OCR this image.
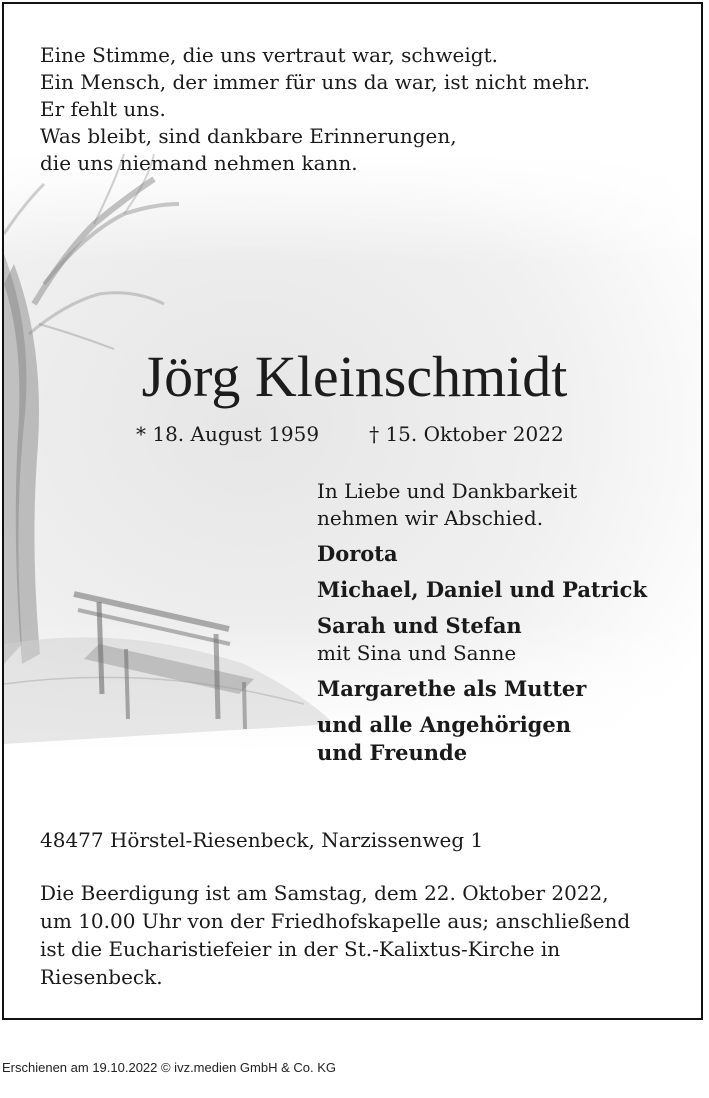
Eine Stimme, die uns vertraut war, schweigt.
Ein Mensch, der immer für uns da war, ist nicht mehr.
Er fehlt uns.
Was bleibt, sind dankbare Erinnerungen,
die uns niemand nehmen kann.
Jörg Kleinschmidt
* 18. August 1959	† 15. Oktober 2022
In Liebe und Dankbarkeit
nehmen wir Abschied.
Dorota
Michael, Daniel und Patrick
Sarah und Stefan
mit Sina und Sanne
Margarethe als Mutter
und alle Angehörigen
und Freunde
48477 Hörstel-Riesenbeck, Narzissenweg 1
Die Beerdigung ist am Samstag, dem 22. Oktober 2022,
um 10.00 Uhr von der Friedhofskapelle aus; anschließend
ist die Eucharistiefeier in der St.-Kalixtus-Kirche in
Riesenbeck.
Erschienen am 19.10.2022 © ivz.medien GmbH & Co. KG
